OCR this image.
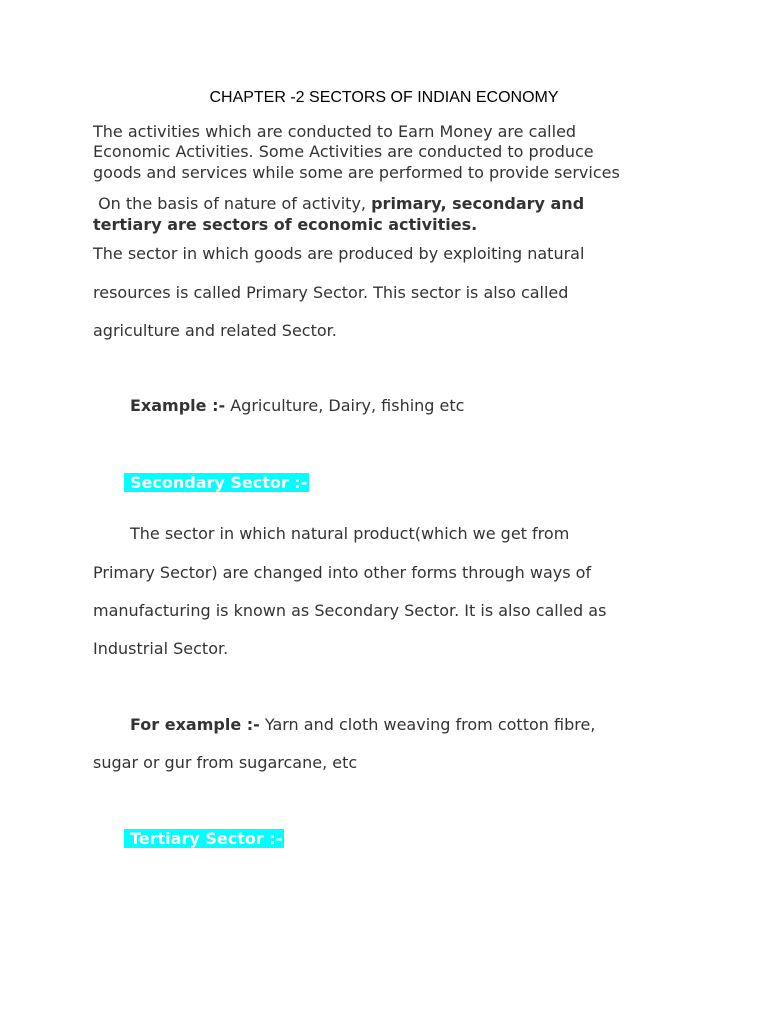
CHAPTER -2 SECTORS OF INDIAN ECONOMY
The activities which are conducted to Earn Money are called
Economic Activities. Some Activities are conducted to produce
goods and services while some are performed to provide services
On the basis of nature of activity, primary, secondary and
tertiary are sectors of economic activities.
The sector in which goods are produced by exploiting natural
resources is called Primary Sector. This sector is also called
agriculture and related Sector.
Example :- Agriculture, Dairy, fishing etc
Secondary Sector :-
The sector in which natural product(which we get from
Primary Sector) are changed into other forms through ways of
manufacturing is known as Secondary Sector. It is also called as
Industrial Sector.
For example :- Yarn and cloth weaving from cotton fibre,
sugar or gur from sugarcane, etc
Tertiary Sector :-
